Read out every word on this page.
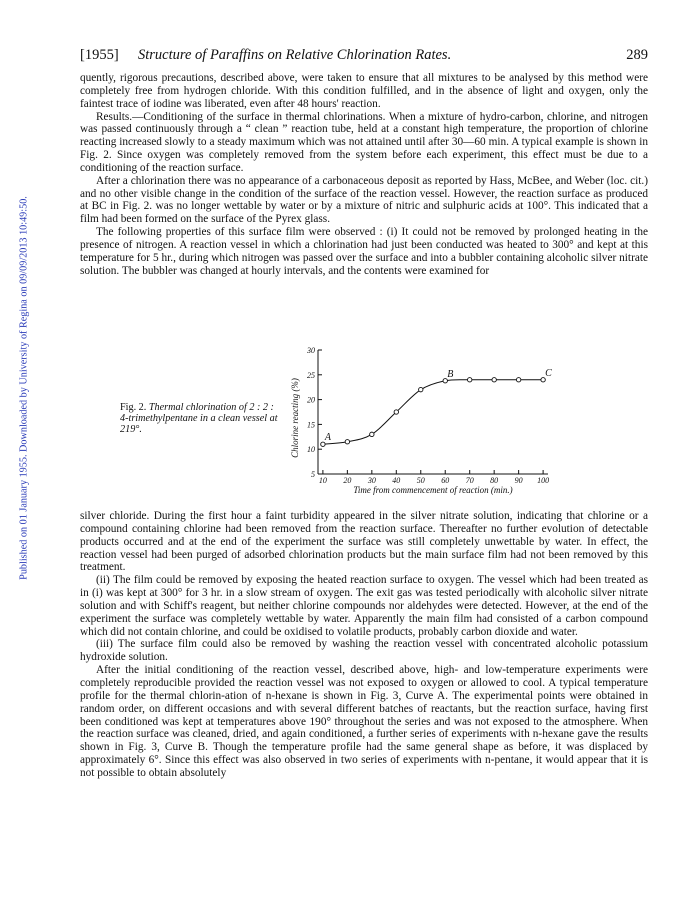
Published on 01 January 1955. Downloaded by University of Regina on 09/09/2013 10:49:50.
[1955] Structure of Paraffins on Relative Chlorination Rates.	289

quently, rigorous precautions, described above, were taken to ensure that all mixtures to be analysed by this method were completely free from hydrogen chloride. With this condition fulfilled, and in the absence of light and oxygen, only the faintest trace of iodine was liberated, even after 48 hours' reaction.

Results.—Conditioning of the surface in thermal chlorinations. When a mixture of hydro-carbon, chlorine, and nitrogen was passed continuously through a “ clean ” reaction tube, held at a constant high temperature, the proportion of chlorine reacting increased slowly to a steady maximum which was not attained until after 30—60 min. A typical example is shown in Fig. 2. Since oxygen was completely removed from the system before each experiment, this effect must be due to a conditioning of the reaction surface.

After a chlorination there was no appearance of a carbonaceous deposit as reported by Hass, McBee, and Weber (loc. cit.) and no other visible change in the condition of the surface of the reaction vessel. However, the reaction surface as produced at BC in Fig. 2. was no longer wettable by water or by a mixture of nitric and sulphuric acids at 100°. This indicated that a film had been formed on the surface of the Pyrex glass.

The following properties of this surface film were observed : (i) It could not be removed by prolonged heating in the presence of nitrogen. A reaction vessel in which a chlorination had just been conducted was heated to 300° and kept at this temperature for 5 hr., during which nitrogen was passed over the surface and into a bubbler containing alcoholic silver nitrate solution. The bubbler was changed at hourly intervals, and the contents were examined for

Fig. 2. Thermal chlorination of 2 : 2 : 4-trimethylpentane in a clean vessel at 219°.
5
10
15
20
25
30
10 20 30 40 50 60 70 80 90 100
Time from commencement of reaction (min.)
Chlorine reacting (%) A
B	C

silver chloride. During the first hour a faint turbidity appeared in the silver nitrate solution, indicating that chlorine or a compound containing chlorine had been removed from the reaction surface. Thereafter no further evolution of detectable products occurred and at the end of the experiment the surface was still completely unwettable by water. In effect, the reaction vessel had been purged of adsorbed chlorination products but the main surface film had not been removed by this treatment.

(ii) The film could be removed by exposing the heated reaction surface to oxygen. The vessel which had been treated as in (i) was kept at 300° for 3 hr. in a slow stream of oxygen. The exit gas was tested periodically with alcoholic silver nitrate solution and with Schiff's reagent, but neither chlorine compounds nor aldehydes were detected. However, at the end of the experiment the surface was completely wettable by water. Apparently the main film had consisted of a carbon compound which did not contain chlorine, and could be oxidised to volatile products, probably carbon dioxide and water.

(iii) The surface film could also be removed by washing the reaction vessel with concentrated alcoholic potassium hydroxide solution.

After the initial conditioning of the reaction vessel, described above, high- and low-temperature experiments were completely reproducible provided the reaction vessel was not exposed to oxygen or allowed to cool. A typical temperature profile for the thermal chlorin-ation of n-hexane is shown in Fig. 3, Curve A. The experimental points were obtained in random order, on different occasions and with several different batches of reactants, but the reaction surface, having first been conditioned was kept at temperatures above 190° throughout the series and was not exposed to the atmosphere. When the reaction surface was cleaned, dried, and again conditioned, a further series of experiments with n-hexane gave the results shown in Fig. 3, Curve B. Though the temperature profile had the same general shape as before, it was displaced by approximately 6°. Since this effect was also observed in two series of experiments with n-pentane, it would appear that it is not possible to obtain absolutely
